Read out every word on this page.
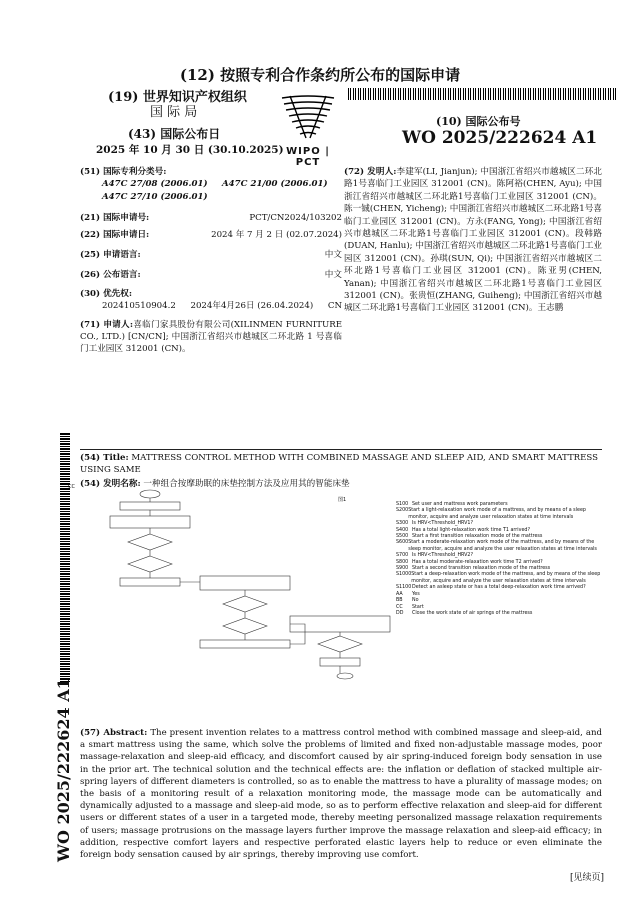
(12) 按照专利合作条约所公布的国际申请
(19) 世界知识产权组织
国 际 局
(43) 国际公布日
2025 年 10 月 30 日 (30.10.2025) WIPO | PCT
(10) 国际公布号
WO 2025/222624 A1
(51) 国际专利分类号:
A47C 27/08 (2006.01)	A47C 21/00 (2006.01)
A47C 27/10 (2006.01)
(21) 国际申请号:	PCT/CN2024/103202
(22) 国际申请日:	2024 年 7 月 2 日 (02.07.2024)
(25) 申请语言:	中文
(26) 公布语言:	中文
(30) 优先权:
202410510904.2 2024年4月26日 (26.04.2024) CN
(71) 申请人:喜临门家具股份有限公司(XILINMEN FURNITURE CO., LTD.) [CN/CN]; 中国浙江省绍兴市越城区二环北路 1 号喜临门工业园区 312001 (CN)。
(72) 发明人:李建军(LI, Jianjun); 中国浙江省绍兴市越城区二环北路1号喜临门工业园区 312001 (CN)。陈阿裕(CHEN, Ayu); 中国浙江省绍兴市越城区二环北路1号喜临门工业园区 312001 (CN)。陈一铖(CHEN, Yicheng); 中国浙江省绍兴市越城区二环北路1号喜临门工业园区 312001 (CN)。方永(FANG, Yong); 中国浙江省绍兴市越城区二环北路1号喜临门工业园区 312001 (CN)。段韩路(DUAN, Hanlu); 中国浙江省绍兴市越城区二环北路1号喜临门工业园区 312001 (CN)。孙琪(SUN, Qi); 中国浙江省绍兴市越城区二环北路1号喜临门工业园区 312001 (CN)。陈亚男(CHEN, Yanan); 中国浙江省绍兴市越城区二环北路1号喜临门工业园区 312001 (CN)。张贵恒(ZHANG, Guiheng); 中国浙江省绍兴市越城区二环北路1号喜临门工业园区 312001 (CN)。王志鹏
WO 2025/222624 A1
(54) Title: MATTRESS CONTROL METHOD WITH COMBINED MASSAGE AND SLEEP AID, AND SMART MATTRESS USING SAME
(54) 发明名称: 一种组合按摩助眠的床垫控制方法及应用其的智能床垫
CC
图1
S100 Set user and mattress work parameters
S200 Start a light-relaxation work mode of a mattress, and by means of a sleep monitor, acquire and analyze user relaxation states at time intervals
S300 Is HRV<Threshold_HRV1?
S400 Has a total light-relaxation work time T1 arrived?
S500 Start a first transition relaxation mode of the mattress
S600 Start a moderate-relaxation work mode of the mattress, and by means of the sleep monitor, acquire and analyze the user relaxation states at time intervals
S700 Is HRV<Threshold_HRV2?
S800 Has a total moderate-relaxation work time T2 arrived?
S900 Start a second transition relaxation mode of the mattress
S1000 Start a deep-relaxation work mode of the mattress, and by means of the sleep monitor, acquire and analyze the user relaxation states at time intervals
S1100 Detect an asleep state or has a total deep-relaxation work time arrived?
AA	Yes
BB	No
CC	Start
DD	Close the work state of air springs of the mattress
(57) Abstract: The present invention relates to a mattress control method with combined massage and sleep-aid, and a smart mattress using the same, which solve the problems of limited and fixed non-adjustable massage modes, poor massage-relaxation and sleep-aid efficacy, and discomfort caused by air spring-induced foreign body sensation in use in the prior art. The technical solution and the technical effects are: the inflation or deflation of stacked multiple air-spring layers of different diameters is controlled, so as to enable the mattress to have a plurality of massage modes; on the basis of a monitoring result of a relaxation monitoring mode, the massage mode can be automatically and dynamically adjusted to a massage and sleep-aid mode, so as to perform effective relaxation and sleep-aid for different users or different states of a user in a targeted mode, thereby meeting personalized massage relaxation requirements of users; massage protrusions on the massage layers further improve the massage relaxation and sleep-aid efficacy; in addition, respective comfort layers and respective perforated elastic layers help to reduce or even eliminate the foreign body sensation caused by air springs, thereby improving use comfort.
[见续页]
